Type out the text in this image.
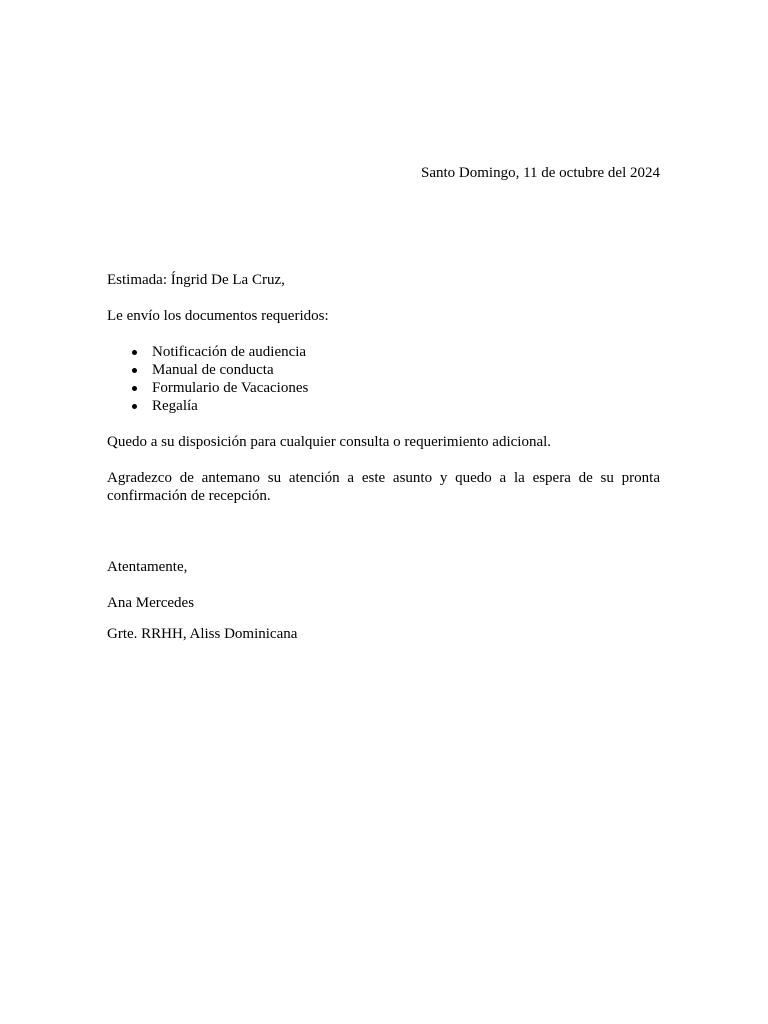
Santo Domingo, 11 de octubre del 2024
Estimada: Íngrid De La Cruz,
Le envío los documentos requeridos:
Notificación de audiencia
Manual de conducta
Formulario de Vacaciones
Regalía
Quedo a su disposición para cualquier consulta o requerimiento adicional.
Agradezco de antemano su atención a este asunto y quedo a la espera de su pronta confirmación de recepción.
Atentamente,
Ana Mercedes
Grte. RRHH, Aliss Dominicana
